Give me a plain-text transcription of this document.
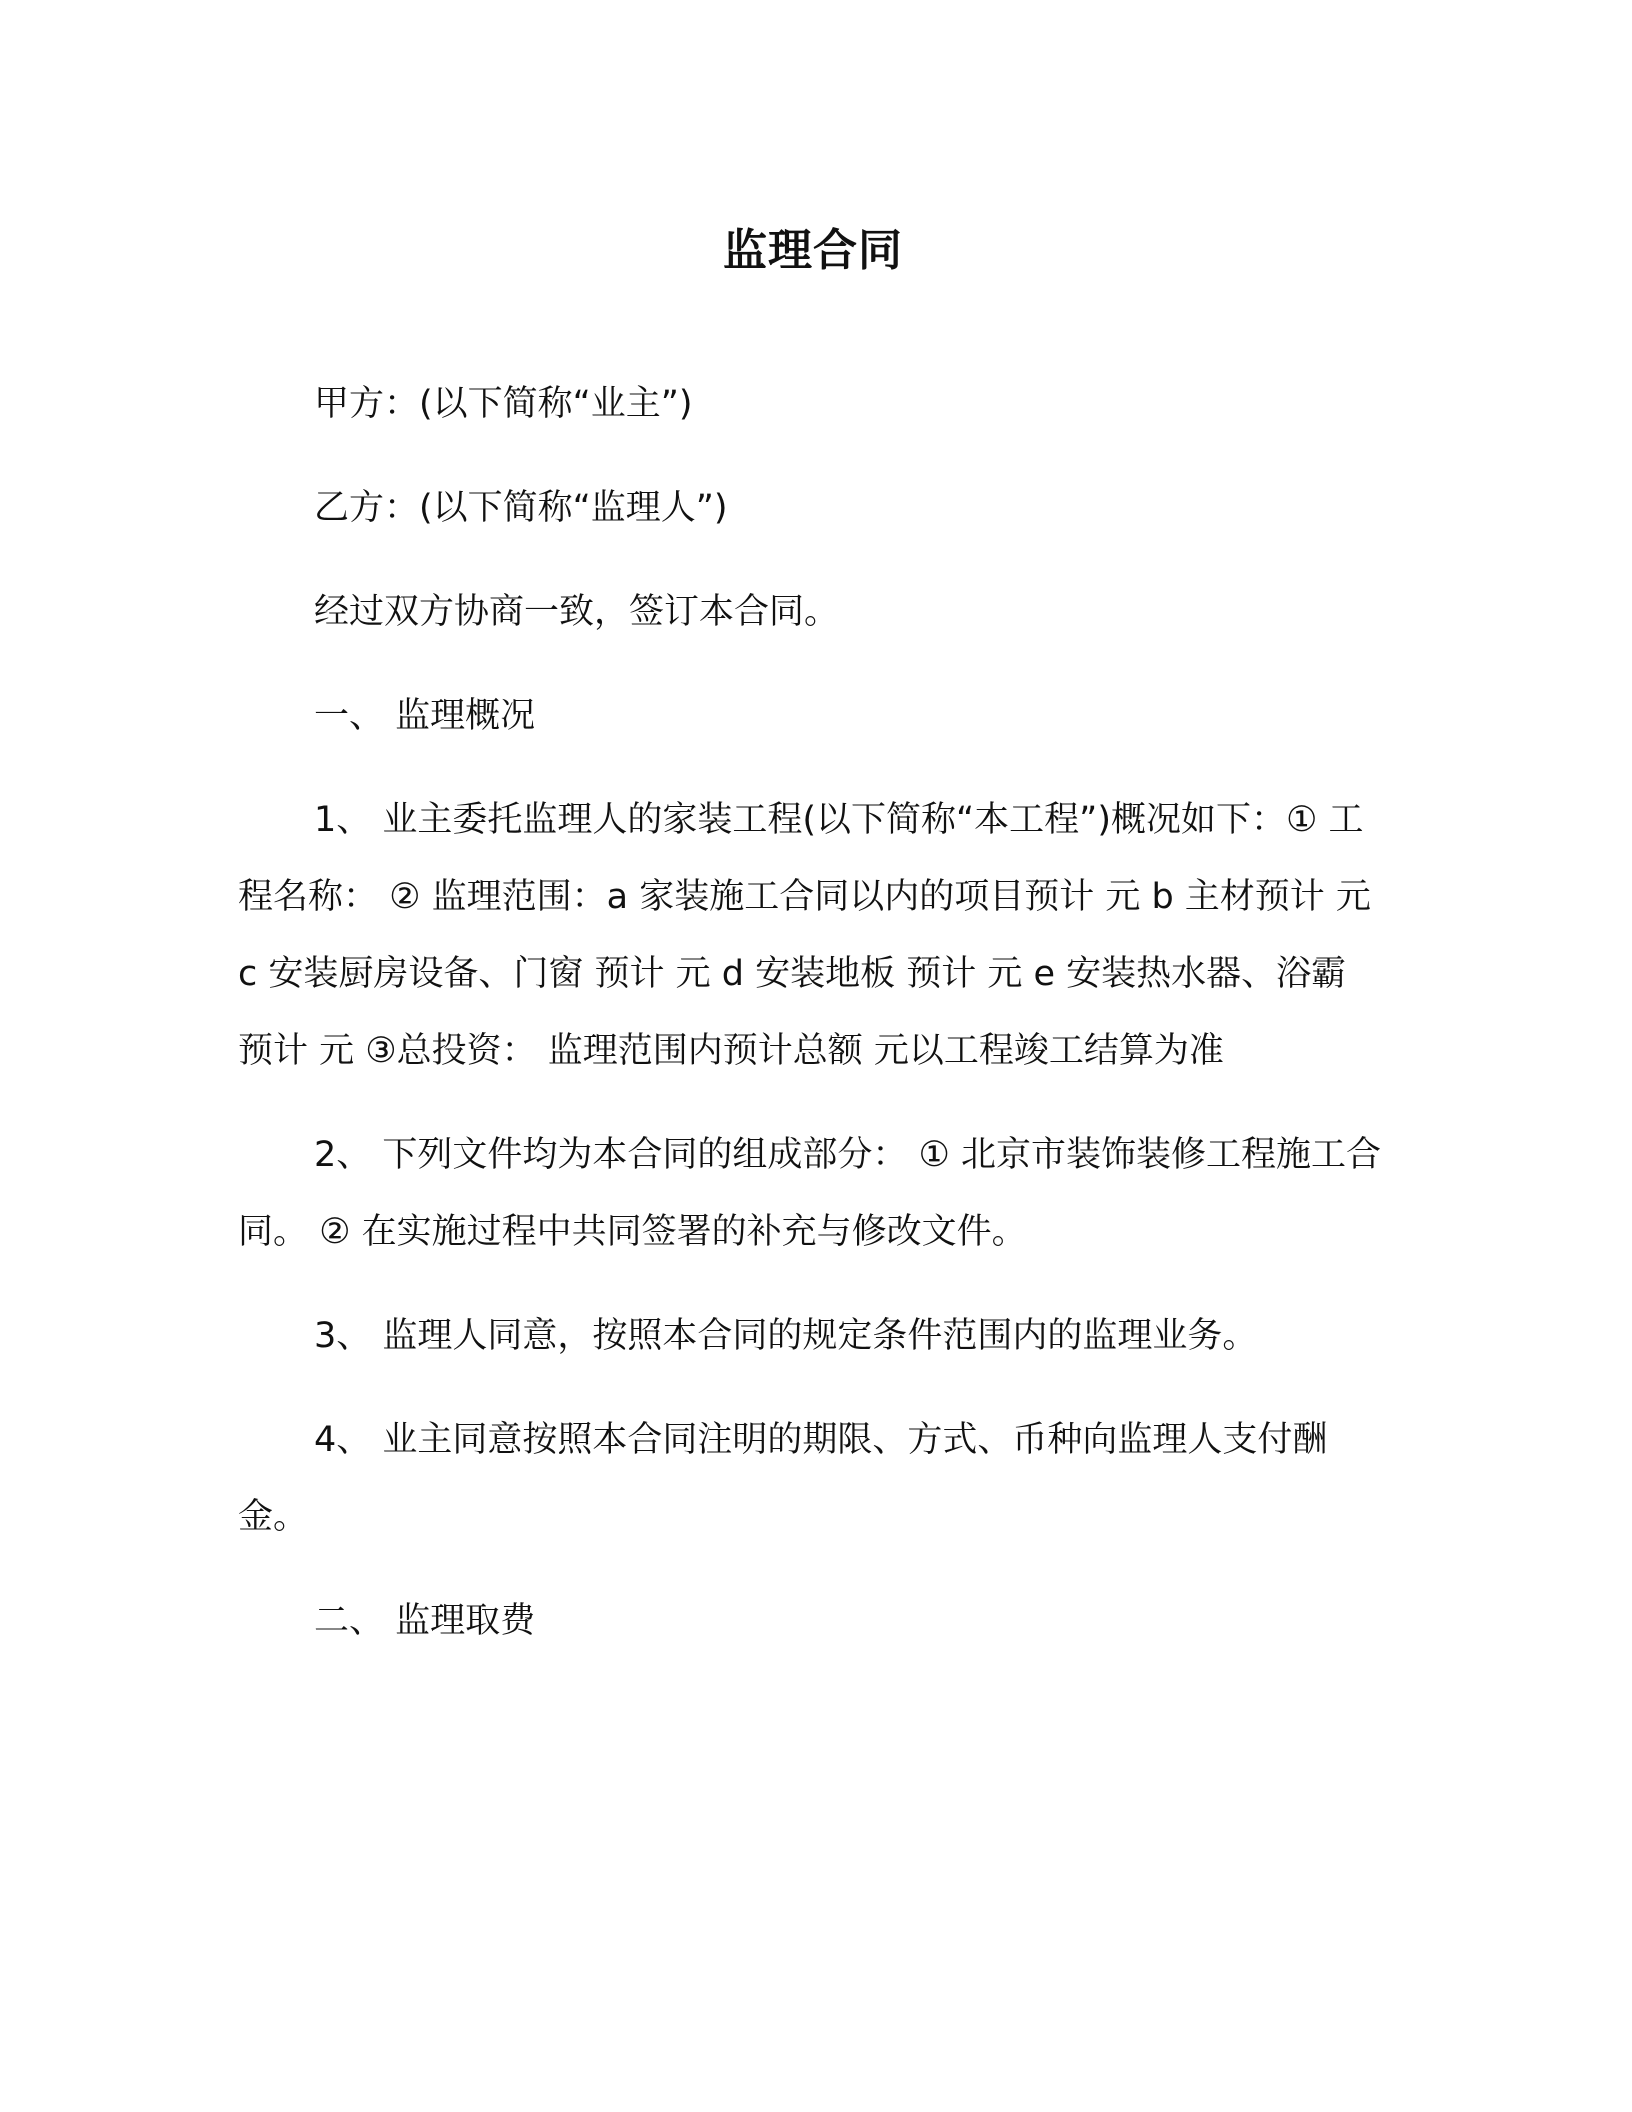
监理合同

甲方：(以下简称“业主”)

乙方：(以下简称“监理人”)

经过双方协商一致，签订本合同。

一、 监理概况

1、 业主委托监理人的家装工程(以下简称“本工程”)概况如下：① 工程名称： ② 监理范围：a 家装施工合同以内的项目预计 元 b 主材预计 元 c 安装厨房设备、门窗 预计 元 d 安装地板 预计 元 e 安装热水器、浴霸 预计 元 ③总投资： 监理范围内预计总额 元以工程竣工结算为准

2、 下列文件均为本合同的组成部分： ① 北京市装饰装修工程施工合同。 ② 在实施过程中共同签署的补充与修改文件。

3、 监理人同意，按照本合同的规定条件范围内的监理业务。

4、 业主同意按照本合同注明的期限、方式、币种向监理人支付酬金。

二、 监理取费
